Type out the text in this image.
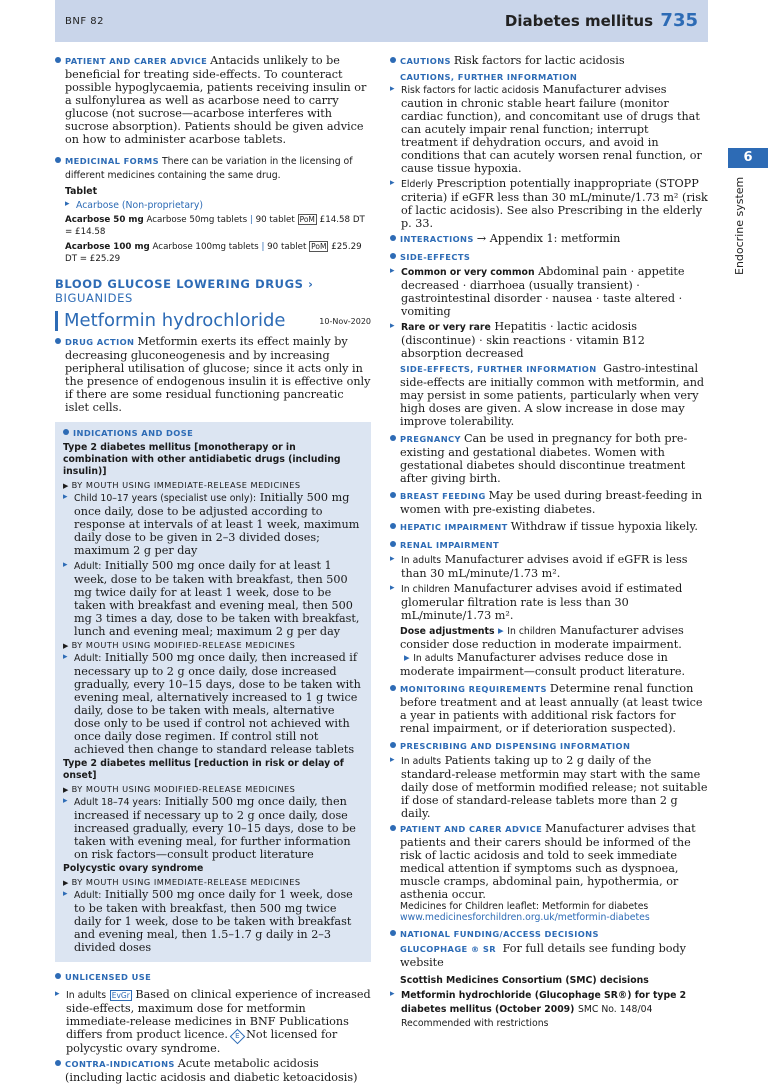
BNF 82	Diabetes mellitus 735
6
Endocrine system
PATIENT AND CARER ADVICE Antacids unlikely to be beneficial for treating side-effects. To counteract possible hypoglycaemia, patients receiving insulin or a sulfonylurea as well as acarbose need to carry glucose (not sucrose—acarbose interferes with sucrose absorption). Patients should be given advice on how to administer acarbose tablets.
MEDICINAL FORMS There can be variation in the licensing of different medicines containing the same drug.
Tablet
▸ Acarbose (Non-proprietary)
Acarbose 50 mg Acarbose 50mg tablets | 90 tablet PoM £14.58 DT = £14.58
Acarbose 100 mg Acarbose 100mg tablets | 90 tablet PoM £25.29 DT = £25.29
BLOOD GLUCOSE LOWERING DRUGS ›
BIGUANIDES
Metformin hydrochloride	10-Nov-2020
DRUG ACTION Metformin exerts its effect mainly by decreasing gluconeogenesis and by increasing peripheral utilisation of glucose; since it acts only in the presence of endogenous insulin it is effective only if there are some residual functioning pancreatic islet cells.
INDICATIONS AND DOSE
Type 2 diabetes mellitus [monotherapy or in combination with other antidiabetic drugs (including insulin)]
▶ BY MOUTH USING IMMEDIATE-RELEASE MEDICINES
▸ Child 10–17 years (specialist use only): Initially 500 mg once daily, dose to be adjusted according to response at intervals of at least 1 week, maximum daily dose to be given in 2–3 divided doses; maximum 2 g per day
▸ Adult: Initially 500 mg once daily for at least 1 week, dose to be taken with breakfast, then 500 mg twice daily for at least 1 week, dose to be taken with breakfast and evening meal, then 500 mg 3 times a day, dose to be taken with breakfast, lunch and evening meal; maximum 2 g per day
▶ BY MOUTH USING MODIFIED-RELEASE MEDICINES
▸ Adult: Initially 500 mg once daily, then increased if necessary up to 2 g once daily, dose increased gradually, every 10–15 days, dose to be taken with evening meal, alternatively increased to 1 g twice daily, dose to be taken with meals, alternative dose only to be used if control not achieved with once daily dose regimen. If control still not achieved then change to standard release tablets
Type 2 diabetes mellitus [reduction in risk or delay of onset]
▶ BY MOUTH USING MODIFIED-RELEASE MEDICINES
▸ Adult 18–74 years: Initially 500 mg once daily, then increased if necessary up to 2 g once daily, dose increased gradually, every 10–15 days, dose to be taken with evening meal, for further information on risk factors—consult product literature
Polycystic ovary syndrome
▶ BY MOUTH USING IMMEDIATE-RELEASE MEDICINES
▸ Adult: Initially 500 mg once daily for 1 week, dose to be taken with breakfast, then 500 mg twice daily for 1 week, dose to be taken with breakfast and evening meal, then 1.5–1.7 g daily in 2–3 divided doses
UNLICENSED USE
▸ In adults EvGr Based on clinical experience of increased side-effects, maximum dose for metformin immediate-release medicines in BNF Publications differs from product licence. E Not licensed for polycystic ovary syndrome.
CONTRA-INDICATIONS Acute metabolic acidosis (including lactic acidosis and diabetic ketoacidosis)
CAUTIONS Risk factors for lactic acidosis
CAUTIONS, FURTHER INFORMATION
▸ Risk factors for lactic acidosis Manufacturer advises caution in chronic stable heart failure (monitor cardiac function), and concomitant use of drugs that can acutely impair renal function; interrupt treatment if dehydration occurs, and avoid in conditions that can acutely worsen renal function, or cause tissue hypoxia.
▸ Elderly Prescription potentially inappropriate (STOPP criteria) if eGFR less than 30 mL/minute/1.73 m² (risk of lactic acidosis). See also Prescribing in the elderly p. 33.
INTERACTIONS → Appendix 1: metformin
SIDE-EFFECTS
▸ Common or very common Abdominal pain · appetite decreased · diarrhoea (usually transient) · gastrointestinal disorder · nausea · taste altered · vomiting
▸ Rare or very rare Hepatitis · lactic acidosis (discontinue) · skin reactions · vitamin B12 absorption decreased
SIDE-EFFECTS, FURTHER INFORMATION Gastro-intestinal side-effects are initially common with metformin, and may persist in some patients, particularly when very high doses are given. A slow increase in dose may improve tolerability.
PREGNANCY Can be used in pregnancy for both pre-existing and gestational diabetes. Women with gestational diabetes should discontinue treatment after giving birth.
BREAST FEEDING May be used during breast-feeding in women with pre-existing diabetes.
HEPATIC IMPAIRMENT Withdraw if tissue hypoxia likely.
RENAL IMPAIRMENT
▸ In adults Manufacturer advises avoid if eGFR is less than 30 mL/minute/1.73 m².
▸ In children Manufacturer advises avoid if estimated glomerular filtration rate is less than 30 mL/minute/1.73 m².
Dose adjustments ▸ In children Manufacturer advises consider dose reduction in moderate impairment.
▸ In adults Manufacturer advises reduce dose in moderate impairment—consult product literature.
MONITORING REQUIREMENTS Determine renal function before treatment and at least annually (at least twice a year in patients with additional risk factors for renal impairment, or if deterioration suspected).
PRESCRIBING AND DISPENSING INFORMATION
▸ In adults Patients taking up to 2 g daily of the standard-release metformin may start with the same daily dose of metformin modified release; not suitable if dose of standard-release tablets more than 2 g daily.
PATIENT AND CARER ADVICE Manufacturer advises that patients and their carers should be informed of the risk of lactic acidosis and told to seek immediate medical attention if symptoms such as dyspnoea, muscle cramps, abdominal pain, hypothermia, or asthenia occur.
Medicines for Children leaflet: Metformin for diabetes
www.medicinesforchildren.org.uk/metformin-diabetes
NATIONAL FUNDING/ACCESS DECISIONS
GLUCOPHAGE ® SR For full details see funding body website
Scottish Medicines Consortium (SMC) decisions
▸ Metformin hydrochloride (Glucophage SR®) for type 2 diabetes mellitus (October 2009) SMC No. 148/04
Recommended with restrictions
